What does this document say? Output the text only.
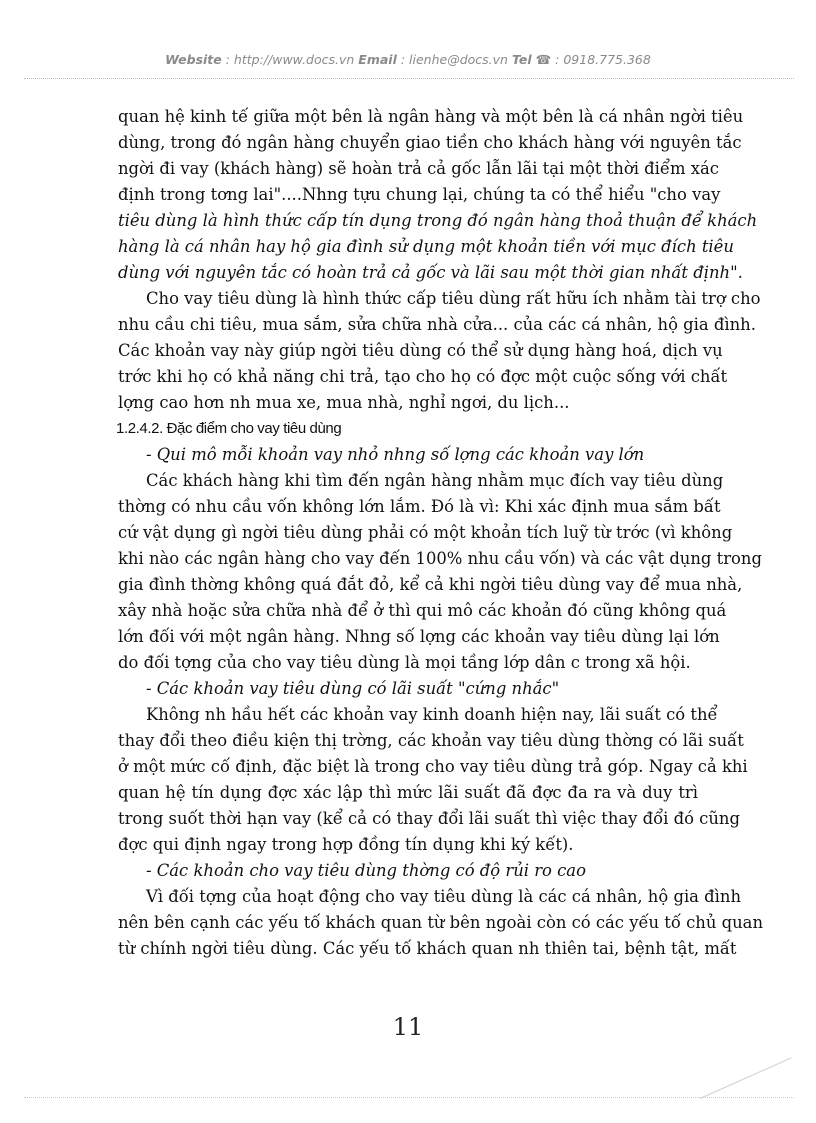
Website : http://www.docs.vn Email : lienhe@docs.vn Tel ☎ : 0918.775.368
quan hệ kinh tế giữa một bên là ngân hàng và một bên là cá nhân ngời tiêu
dùng, trong đó ngân hàng chuyển giao tiền cho khách hàng với nguyên tắc
ngời đi vay (khách hàng) sẽ hoàn trả cả gốc lẫn lãi tại một thời điểm xác
định trong tơng lai"....Nhng tựu chung lại, chúng ta có thể hiểu "cho vay
tiêu dùng là hình thức cấp tín dụng trong đó ngân hàng thoả thuận để khách
hàng là cá nhân hay hộ gia đình sử dụng một khoản tiền với mục đích tiêu
dùng với nguyên tắc có hoàn trả cả gốc và lãi sau một thời gian nhất định".
Cho vay tiêu dùng là hình thức cấp tiêu dùng rất hữu ích nhằm tài trợ cho
nhu cầu chi tiêu, mua sắm, sửa chữa nhà cửa... của các cá nhân, hộ gia đình.
Các khoản vay này giúp ngời tiêu dùng có thể sử dụng hàng hoá, dịch vụ
trớc khi họ có khả năng chi trả, tạo cho họ có đợc một cuộc sống với chất
lợng cao hơn nh mua xe, mua nhà, nghỉ ngơi, du lịch...
1.2.4.2. Đặc điểm cho vay tiêu dùng
- Qui mô mỗi khoản vay nhỏ nhng số lợng các khoản vay lớn
Các khách hàng khi tìm đến ngân hàng nhằm mục đích vay tiêu dùng
thờng có nhu cầu vốn không lớn lắm. Đó là vì: Khi xác định mua sắm bất
cứ vật dụng gì ngời tiêu dùng phải có một khoản tích luỹ từ trớc (vì không
khi nào các ngân hàng cho vay đến 100% nhu cầu vốn) và các vật dụng trong
gia đình thờng không quá đắt đỏ, kể cả khi ngời tiêu dùng vay để mua nhà,
xây nhà hoặc sửa chữa nhà để ở thì qui mô các khoản đó cũng không quá
lớn đối với một ngân hàng. Nhng số lợng các khoản vay tiêu dùng lại lớn
do đối tợng của cho vay tiêu dùng là mọi tầng lớp dân c trong xã hội.
- Các khoản vay tiêu dùng có lãi suất "cứng nhắc"
Không nh hầu hết các khoản vay kinh doanh hiện nay, lãi suất có thể
thay đổi theo điều kiện thị trờng, các khoản vay tiêu dùng thờng có lãi suất
ở một mức cố định, đặc biệt là trong cho vay tiêu dùng trả góp. Ngay cả khi
quan hệ tín dụng đợc xác lập thì mức lãi suất đã đợc đa ra và duy trì
trong suốt thời hạn vay (kể cả có thay đổi lãi suất thì việc thay đổi đó cũng
đợc qui định ngay trong hợp đồng tín dụng khi ký kết).
- Các khoản cho vay tiêu dùng thờng có độ rủi ro cao
Vì đối tợng của hoạt động cho vay tiêu dùng là các cá nhân, hộ gia đình
nên bên cạnh các yếu tố khách quan từ bên ngoài còn có các yếu tố chủ quan
từ chính ngời tiêu dùng. Các yếu tố khách quan nh thiên tai, bệnh tật, mất
11
